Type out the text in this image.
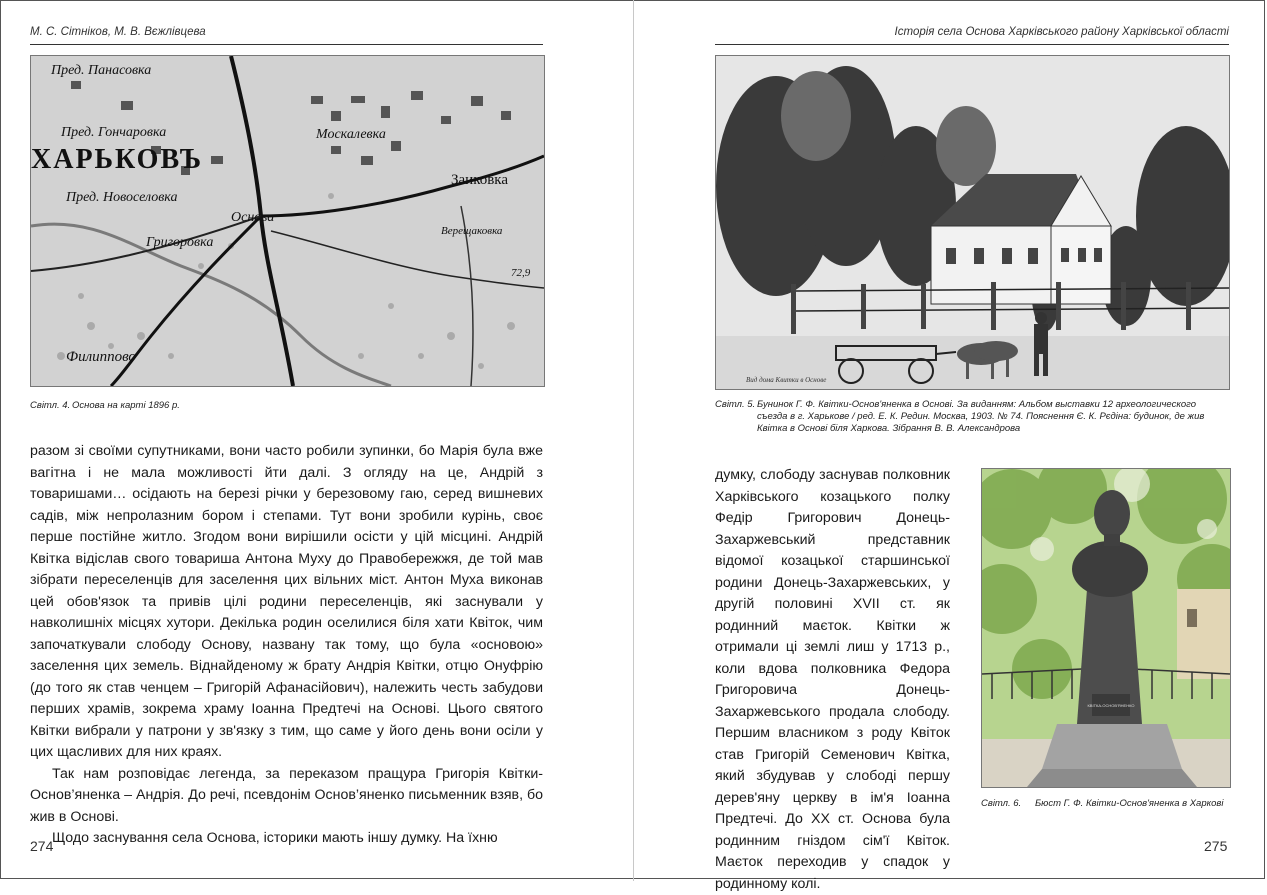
М. С. Сітніков, М. В. Вєжлівцева
Пред. Панасовка
ХАРЬКОВЪ
Пред. Гончаровка	Москалевка
Заиковка
Пред. Новоселовка
Основа
Григоровка
Верещаковка
Филиппово
72,9
Світл. 4. Основа на карті 1896 р.

разом зі своїми супутниками, вони часто робили зупинки, бо Марія була вже вагітна і не мала можливості йти далі. З огляду на це, Андрій з товаришами… осідають на березі річки у березовому гаю, серед вишневих садів, між непролазним бором і степами. Тут вони зробили курінь, своє перше постійне житло. Згодом вони вирішили осісти у цій місцині. Андрій Квітка відіслав свого товариша Антона Муху до Правобережжя, де той мав зібрати переселенців для заселення цих вільних міст. Антон Муха виконав цей обов'язок та привів цілі родини переселенців, які заснували у навколишніх місцях хутори. Декілька родин оселилися біля хати Квіток, чим започаткували слободу Основу, названу так тому, що була «основою» заселення цих земель. Віднайденому ж брату Андрія Квітки, отцю Онуфрію (до того як став ченцем – Григорій Афанасійович), належить честь забудови перших храмів, зокрема храму Іоанна Предтечі на Основі. Цього святого Квітки вибрали у патрони у зв'язку з тим, що саме у його день вони осіли у цих щасливих для них краях.

Так нам розповідає легенда, за переказом пращура Григорія Квітки-Основ’яненка – Андрія. До речі, псевдонім Основ’яненко письменник взяв, бо жив в Основі.

Щодо заснування села Основа, історики мають іншу думку. На їхню

274
Історія села Основа Харківського району Харківської області
Вид дома Квитки в Основе
Світл. 5. Бунинок Г. Ф. Квітки-Основ'яненка в Основі. За виданням: Альбом выставки 12 археологического съезда в г. Харькове / ред. Е. К. Редин. Москва, 1903. № 74. Пояснення Є. К. Рєдіна: будинок, де жив Квітка в Основі біля Харкова. Зібрання В. В. Александрова

думку, слободу заснував полковник Харківського козацького полку Федір Григорович Донець-Захаржевський представник відомої козацької старшинської родини Донець-Захаржевських, у другій половині XVII ст. як родинний маєток. Квітки ж отримали ці землі лиш у 1713 р., коли вдова полковника Федора Григоровича Донець-Захаржевського продала слободу. Першим власником з роду Квіток став Григорій Семенович Квітка, який збудував у слободі першу дерев'яну церкву в ім'я Іоанна Предтечі. До XX ст. Основа була родинним гніздом сім'ї Квіток. Маєток переходив у спадок у родинному колі.

КВІТКА-ОСНОВ'ЯНЕНКО
Світл. 6.	Бюст Г. Ф. Квітки-Основ'яненка в Харкові
275
